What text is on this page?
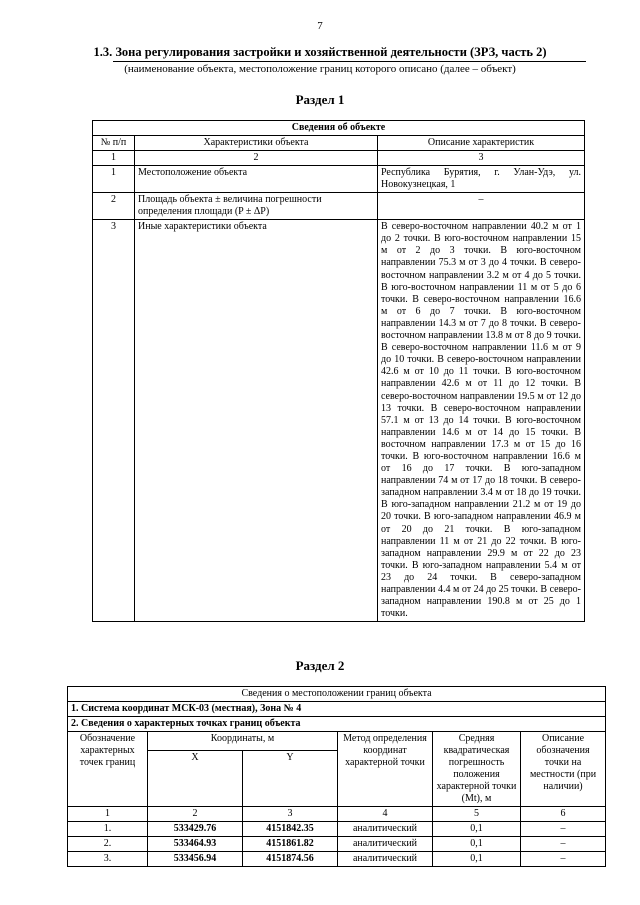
7
1.3. Зона регулирования застройки и хозяйственной деятельности (ЗРЗ, часть 2)
(наименование объекта, местоположение границ которого описано (далее – объект)
Раздел 1
Сведения об объекте		
№ п/п	Характеристики объекта	Описание характеристик
1	2	3
1	Местоположение объекта	Республика Бурятия, г. Улан-Удэ, ул. Новокузнецкая, 1
2	Площадь объекта ± величина погрешности определения площади (P ± ΔP)	–
3	Иные характеристики объекта	В северо-восточном направлении 40.2 м от 1 до 2 точки. В юго-восточном направлении 15 м от 2 до 3 точки. В юго-восточном направлении 75.3 м от 3 до 4 точки. В северо-восточном направлении 3.2 м от 4 до 5 точки. В юго-восточном направлении 11 м от 5 до 6 точки. В северо-восточном направлении 16.6 м от 6 до 7 точки. В юго-восточном направлении 14.3 м от 7 до 8 точки. В северо-восточном направлении 13.8 м от 8 до 9 точки. В северо-восточном направлении 11.6 м от 9 до 10 точки. В северо-восточном направлении 42.6 м от 10 до 11 точки. В юго-восточном направлении 42.6 м от 11 до 12 точки. В северо-восточном направлении 19.5 м от 12 до 13 точки. В северо-восточном направлении 57.1 м от 13 до 14 точки. В юго-восточном направлении 14.6 м от 14 до 15 точки. В восточном направлении 17.3 м от 15 до 16 точки. В юго-восточном направлении 16.6 м от 16 до 17 точки. В юго-западном направлении 74 м от 17 до 18 точки. В северо-западном направлении 3.4 м от 18 до 19 точки. В юго-западном направлении 21.2 м от 19 до 20 точки. В юго-западном направлении 46.9 м от 20 до 21 точки. В юго-западном направлении 11 м от 21 до 22 точки. В юго-западном направлении 29.9 м от 22 до 23 точки. В юго-западном направлении 5.4 м от 23 до 24 точки. В северо-западном направлении 4.4 м от 24 до 25 точки. В северо-западном направлении 190.8 м от 25 до 1 точки.
Раздел 2
Сведения о местоположении границ объекта					
1. Система координат МСК-03 (местная), Зона № 4					
2. Сведения о характерных точках границ объекта					
Обозначение характерных точек границ	Координаты, м		Метод определения координат характерной точки	Средняя квадратическая погрешность положения характерной точки (Mt), м	Описание обозначения точки на местности (при наличии)
	X	Y			
1	2	3	4	5	6
1.	533429.76	4151842.35	аналитический	0,1	–
2.	533464.93	4151861.82	аналитический	0,1	–
3.	533456.94	4151874.56	аналитический	0,1	–
